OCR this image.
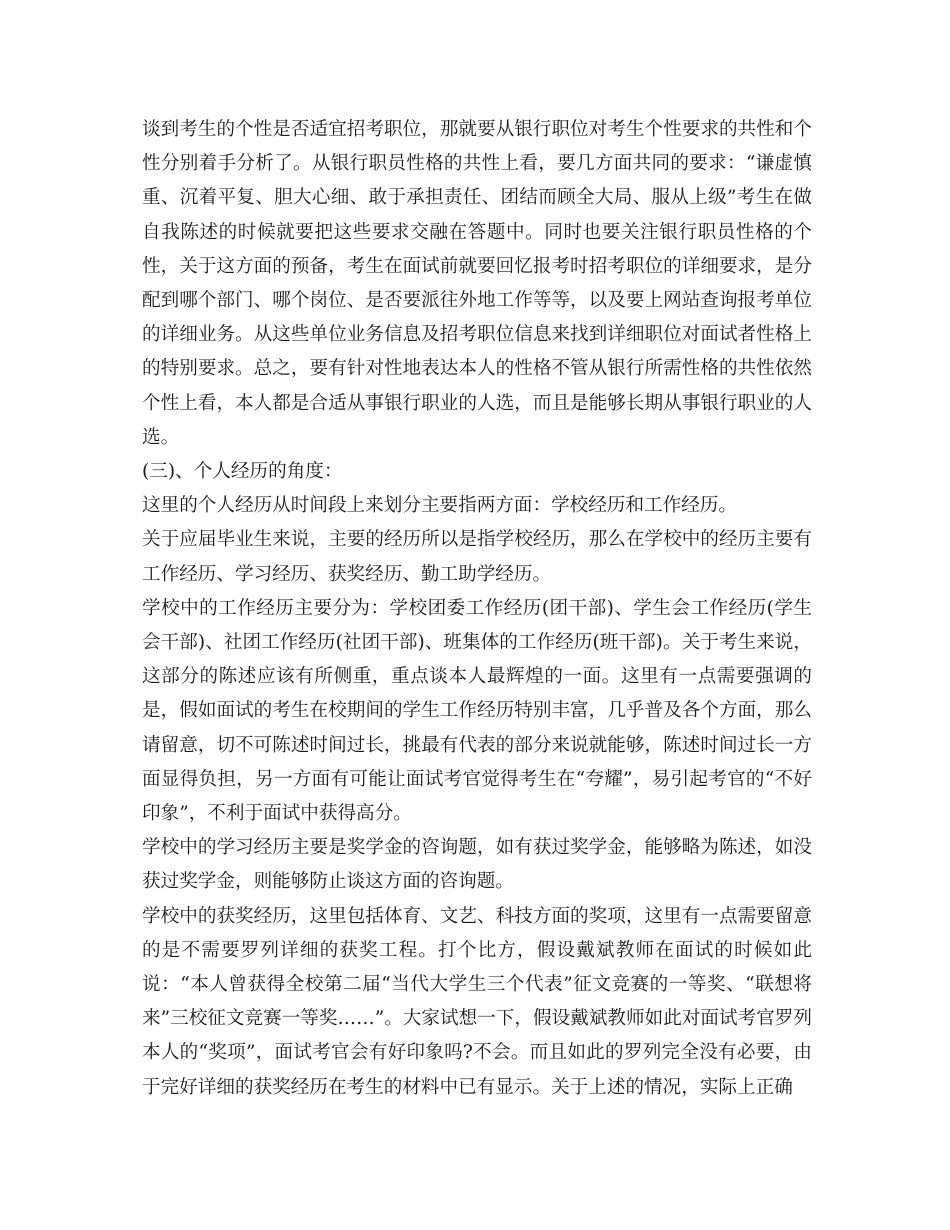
谈到考生的个性是否适宜招考职位，那就要从银行职位对考生个性要求的共性和个性分别着手分析了。从银行职员性格的共性上看，要几方面共同的要求：“谦虚慎重、沉着平复、胆大心细、敢于承担责任、团结而顾全大局、服从上级”考生在做自我陈述的时候就要把这些要求交融在答题中。同时也要关注银行职员性格的个性，关于这方面的预备，考生在面试前就要回忆报考时招考职位的详细要求，是分配到哪个部门、哪个岗位、是否要派往外地工作等等，以及要上网站查询报考单位的详细业务。从这些单位业务信息及招考职位信息来找到详细职位对面试者性格上的特别要求。总之，要有针对性地表达本人的性格不管从银行所需性格的共性依然个性上看，本人都是合适从事银行职业的人选，而且是能够长期从事银行职业的人选。

(三)、个人经历的角度：

这里的个人经历从时间段上来划分主要指两方面：学校经历和工作经历。

关于应届毕业生来说，主要的经历所以是指学校经历，那么在学校中的经历主要有工作经历、学习经历、获奖经历、勤工助学经历。

学校中的工作经历主要分为：学校团委工作经历(团干部)、学生会工作经历(学生会干部)、社团工作经历(社团干部)、班集体的工作经历(班干部)。关于考生来说，这部分的陈述应该有所侧重，重点谈本人最辉煌的一面。这里有一点需要强调的是，假如面试的考生在校期间的学生工作经历特别丰富，几乎普及各个方面，那么请留意，切不可陈述时间过长，挑最有代表的部分来说就能够，陈述时间过长一方面显得负担，另一方面有可能让面试考官觉得考生在“夸耀”，易引起考官的“不好印象”，不利于面试中获得高分。

学校中的学习经历主要是奖学金的咨询题，如有获过奖学金，能够略为陈述，如没获过奖学金，则能够防止谈这方面的咨询题。

学校中的获奖经历，这里包括体育、文艺、科技方面的奖项，这里有一点需要留意的是不需要罗列详细的获奖工程。打个比方，假设戴斌教师在面试的时候如此说：“本人曾获得全校第二届“当代大学生三个代表”征文竞赛的一等奖、“联想将来”三校征文竞赛一等奖……”。大家试想一下，假设戴斌教师如此对面试考官罗列本人的“奖项”，面试考官会有好印象吗?不会。而且如此的罗列完全没有必要，由于完好详细的获奖经历在考生的材料中已有显示。关于上述的情况，实际上正确
